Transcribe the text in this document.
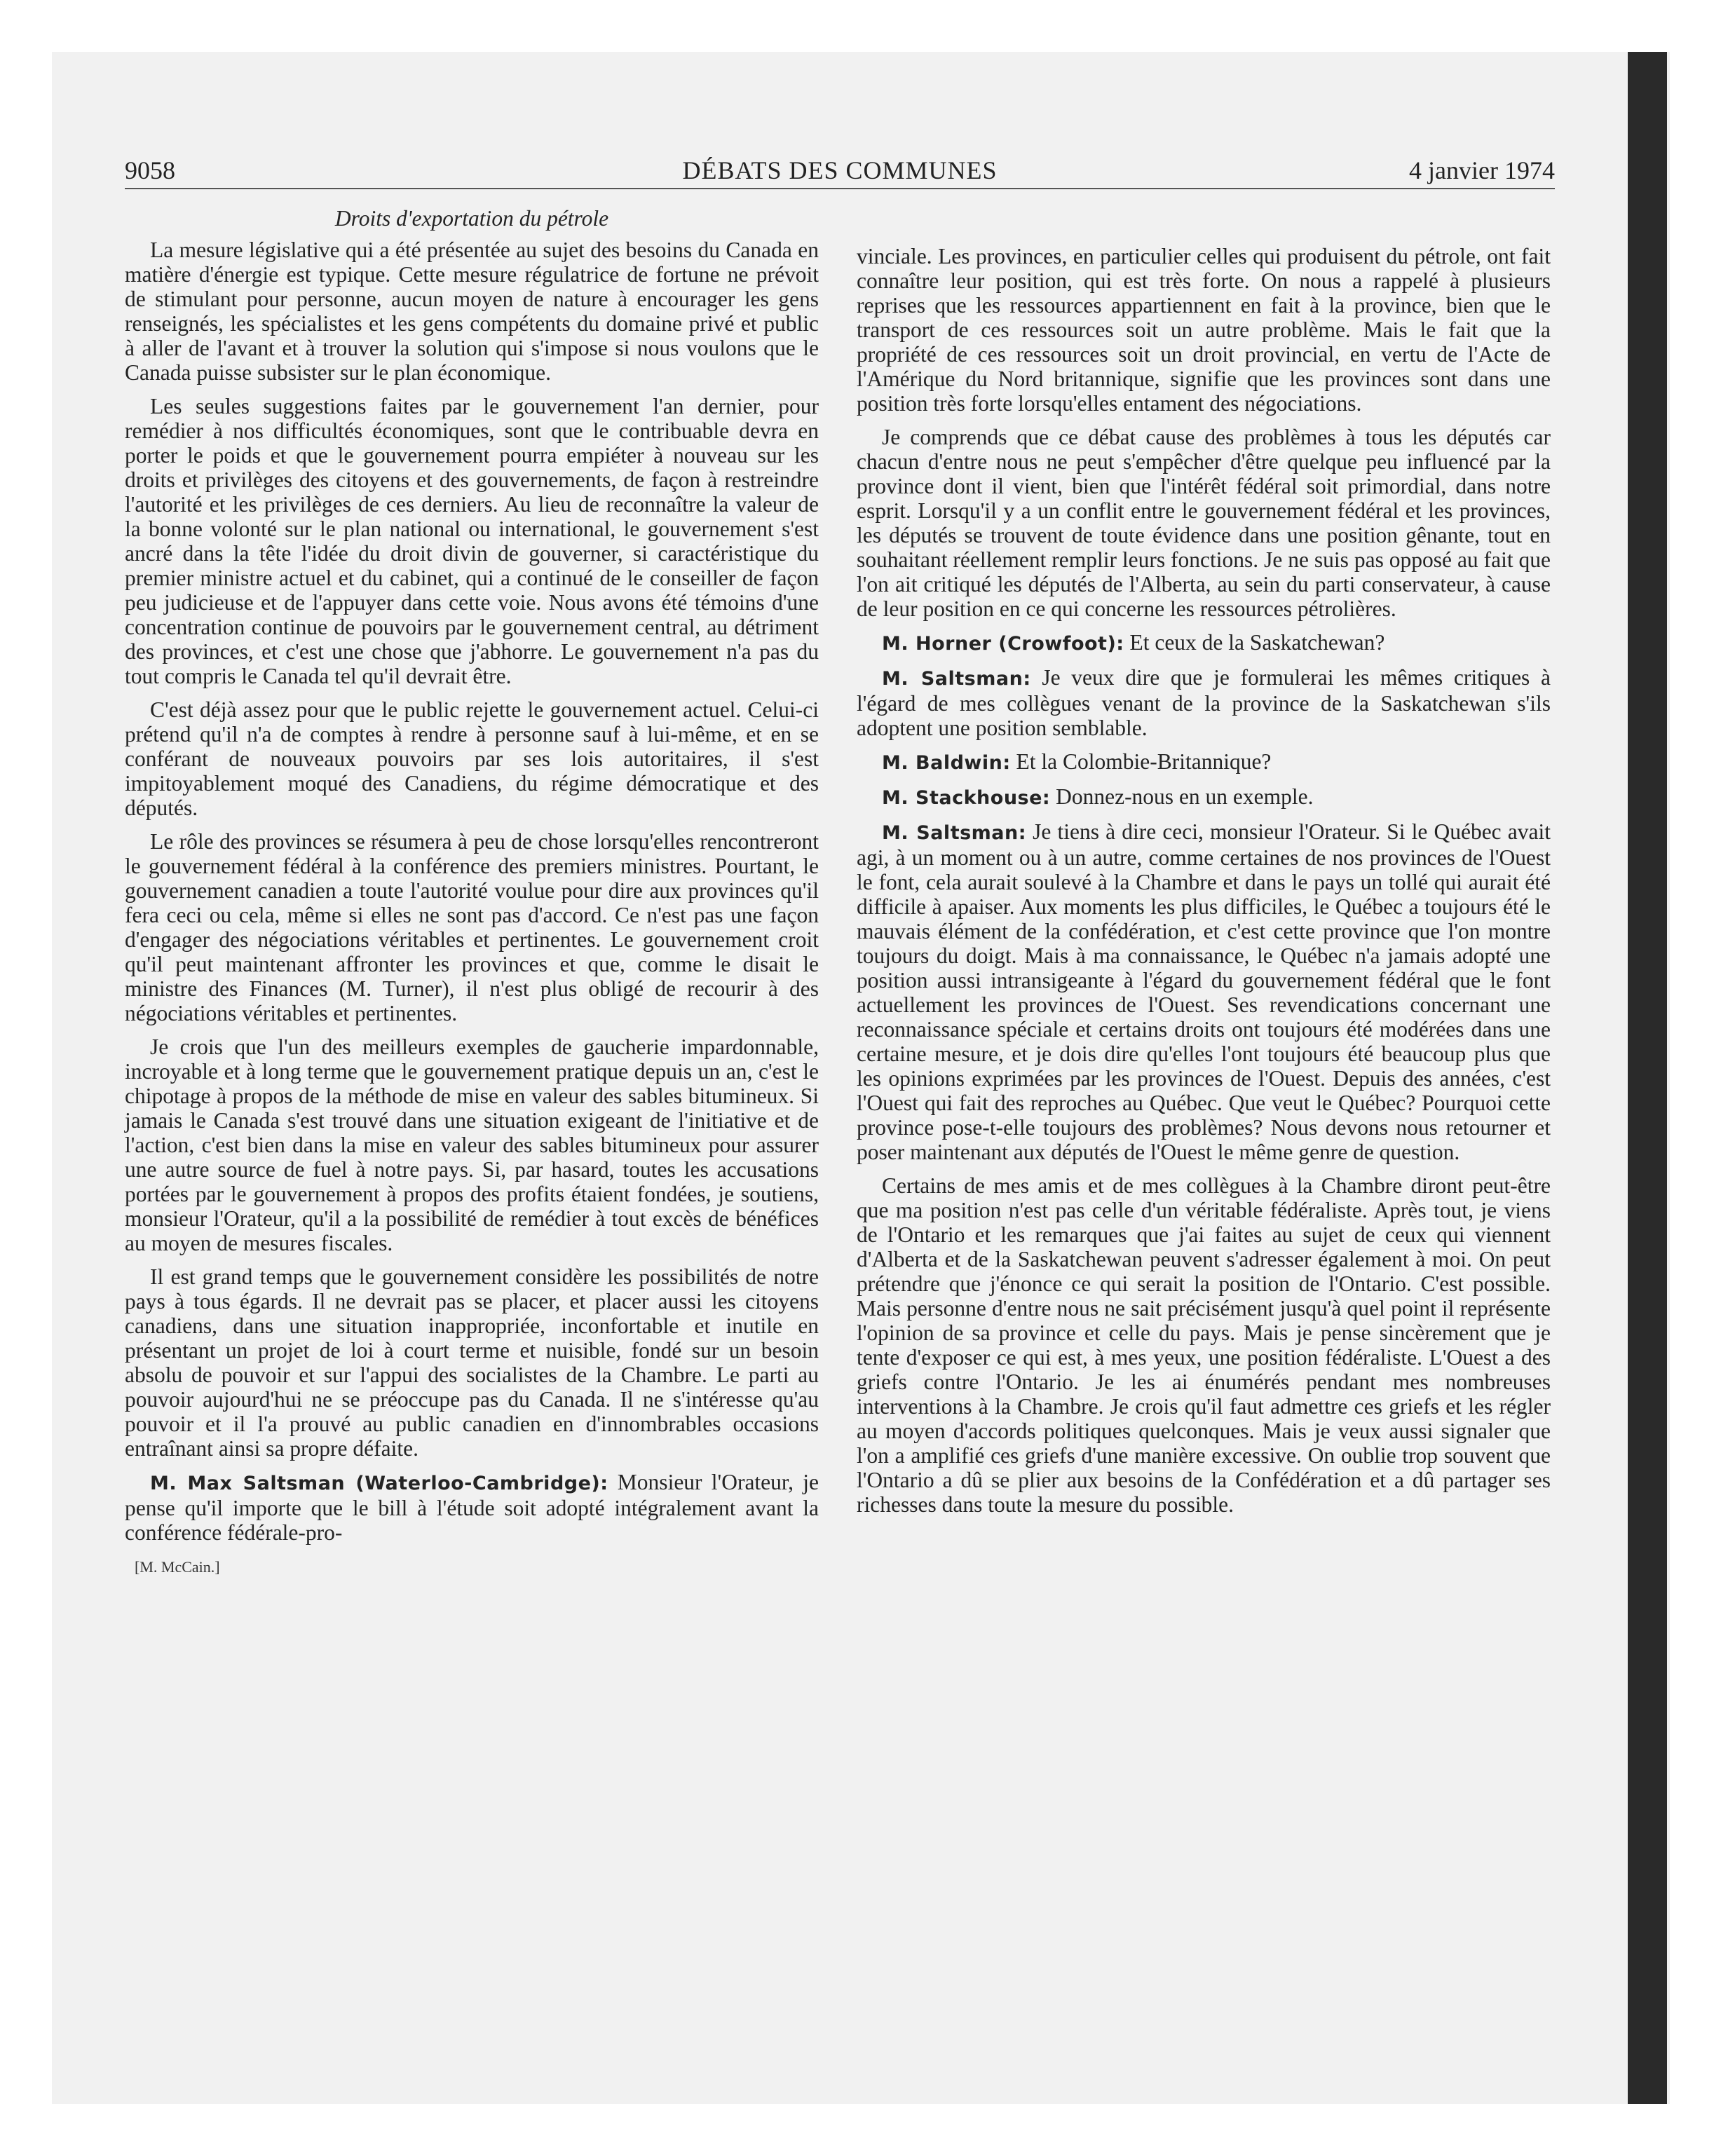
9058	DÉBATS DES COMMUNES	4 janvier 1974

Droits d'exportation du pétrole

La mesure législative qui a été présentée au sujet des besoins du Canada en matière d'énergie est typique. Cette mesure régulatrice de fortune ne prévoit de stimulant pour personne, aucun moyen de nature à encourager les gens renseignés, les spécialistes et les gens compétents du domaine privé et public à aller de l'avant et à trouver la solution qui s'impose si nous voulons que le Canada puisse subsister sur le plan économique.

Les seules suggestions faites par le gouvernement l'an dernier, pour remédier à nos difficultés économiques, sont que le contribuable devra en porter le poids et que le gouvernement pourra empiéter à nouveau sur les droits et privilèges des citoyens et des gouvernements, de façon à restreindre l'autorité et les privilèges de ces derniers. Au lieu de reconnaître la valeur de la bonne volonté sur le plan national ou international, le gouvernement s'est ancré dans la tête l'idée du droit divin de gouverner, si caractéristique du premier ministre actuel et du cabinet, qui a continué de le conseiller de façon peu judicieuse et de l'appuyer dans cette voie. Nous avons été témoins d'une concentration continue de pouvoirs par le gouvernement central, au détriment des provinces, et c'est une chose que j'abhorre. Le gouvernement n'a pas du tout compris le Canada tel qu'il devrait être.

C'est déjà assez pour que le public rejette le gouvernement actuel. Celui-ci prétend qu'il n'a de comptes à rendre à personne sauf à lui-même, et en se conférant de nouveaux pouvoirs par ses lois autoritaires, il s'est impitoyablement moqué des Canadiens, du régime démocratique et des députés.

Le rôle des provinces se résumera à peu de chose lorsqu'elles rencontreront le gouvernement fédéral à la conférence des premiers ministres. Pourtant, le gouvernement canadien a toute l'autorité voulue pour dire aux provinces qu'il fera ceci ou cela, même si elles ne sont pas d'accord. Ce n'est pas une façon d'engager des négociations véritables et pertinentes. Le gouvernement croit qu'il peut maintenant affronter les provinces et que, comme le disait le ministre des Finances (M. Turner), il n'est plus obligé de recourir à des négociations véritables et pertinentes.

Je crois que l'un des meilleurs exemples de gaucherie impardonnable, incroyable et à long terme que le gouvernement pratique depuis un an, c'est le chipotage à propos de la méthode de mise en valeur des sables bitumineux. Si jamais le Canada s'est trouvé dans une situation exigeant de l'initiative et de l'action, c'est bien dans la mise en valeur des sables bitumineux pour assurer une autre source de fuel à notre pays. Si, par hasard, toutes les accusations portées par le gouvernement à propos des profits étaient fondées, je soutiens, monsieur l'Orateur, qu'il a la possibilité de remédier à tout excès de bénéfices au moyen de mesures fiscales.

Il est grand temps que le gouvernement considère les possibilités de notre pays à tous égards. Il ne devrait pas se placer, et placer aussi les citoyens canadiens, dans une situation inappropriée, inconfortable et inutile en présentant un projet de loi à court terme et nuisible, fondé sur un besoin absolu de pouvoir et sur l'appui des socialistes de la Chambre. Le parti au pouvoir aujourd'hui ne se préoccupe pas du Canada. Il ne s'intéresse qu'au pouvoir et il l'a prouvé au public canadien en d'innombrables occasions entraînant ainsi sa propre défaite.

M. Max Saltsman (Waterloo-Cambridge): Monsieur l'Orateur, je pense qu'il importe que le bill à l'étude soit adopté intégralement avant la conférence fédérale-pro-

[M. McCain.]

vinciale. Les provinces, en particulier celles qui produisent du pétrole, ont fait connaître leur position, qui est très forte. On nous a rappelé à plusieurs reprises que les ressources appartiennent en fait à la province, bien que le transport de ces ressources soit un autre problème. Mais le fait que la propriété de ces ressources soit un droit provincial, en vertu de l'Acte de l'Amérique du Nord britannique, signifie que les provinces sont dans une position très forte lorsqu'elles entament des négociations.

Je comprends que ce débat cause des problèmes à tous les députés car chacun d'entre nous ne peut s'empêcher d'être quelque peu influencé par la province dont il vient, bien que l'intérêt fédéral soit primordial, dans notre esprit. Lorsqu'il y a un conflit entre le gouvernement fédéral et les provinces, les députés se trouvent de toute évidence dans une position gênante, tout en souhaitant réellement remplir leurs fonctions. Je ne suis pas opposé au fait que l'on ait critiqué les députés de l'Alberta, au sein du parti conservateur, à cause de leur position en ce qui concerne les ressources pétrolières.

M. Horner (Crowfoot): Et ceux de la Saskatchewan?

M. Saltsman: Je veux dire que je formulerai les mêmes critiques à l'égard de mes collègues venant de la province de la Saskatchewan s'ils adoptent une position semblable.

M. Baldwin: Et la Colombie-Britannique?

M. Stackhouse: Donnez-nous en un exemple.

M. Saltsman: Je tiens à dire ceci, monsieur l'Orateur. Si le Québec avait agi, à un moment ou à un autre, comme certaines de nos provinces de l'Ouest le font, cela aurait soulevé à la Chambre et dans le pays un tollé qui aurait été difficile à apaiser. Aux moments les plus difficiles, le Québec a toujours été le mauvais élément de la confédération, et c'est cette province que l'on montre toujours du doigt. Mais à ma connaissance, le Québec n'a jamais adopté une position aussi intransigeante à l'égard du gouvernement fédéral que le font actuellement les provinces de l'Ouest. Ses revendications concernant une reconnaissance spéciale et certains droits ont toujours été modérées dans une certaine mesure, et je dois dire qu'elles l'ont toujours été beaucoup plus que les opinions exprimées par les provinces de l'Ouest. Depuis des années, c'est l'Ouest qui fait des reproches au Québec. Que veut le Québec? Pourquoi cette province pose-t-elle toujours des problèmes? Nous devons nous retourner et poser maintenant aux députés de l'Ouest le même genre de question.

Certains de mes amis et de mes collègues à la Chambre diront peut-être que ma position n'est pas celle d'un véritable fédéraliste. Après tout, je viens de l'Ontario et les remarques que j'ai faites au sujet de ceux qui viennent d'Alberta et de la Saskatchewan peuvent s'adresser également à moi. On peut prétendre que j'énonce ce qui serait la position de l'Ontario. C'est possible. Mais personne d'entre nous ne sait précisément jusqu'à quel point il représente l'opinion de sa province et celle du pays. Mais je pense sincèrement que je tente d'exposer ce qui est, à mes yeux, une position fédéraliste. L'Ouest a des griefs contre l'Ontario. Je les ai énumérés pendant mes nombreuses interventions à la Chambre. Je crois qu'il faut admettre ces griefs et les régler au moyen d'accords politiques quelconques. Mais je veux aussi signaler que l'on a amplifié ces griefs d'une manière excessive. On oublie trop souvent que l'Ontario a dû se plier aux besoins de la Confédération et a dû partager ses richesses dans toute la mesure du possible.
